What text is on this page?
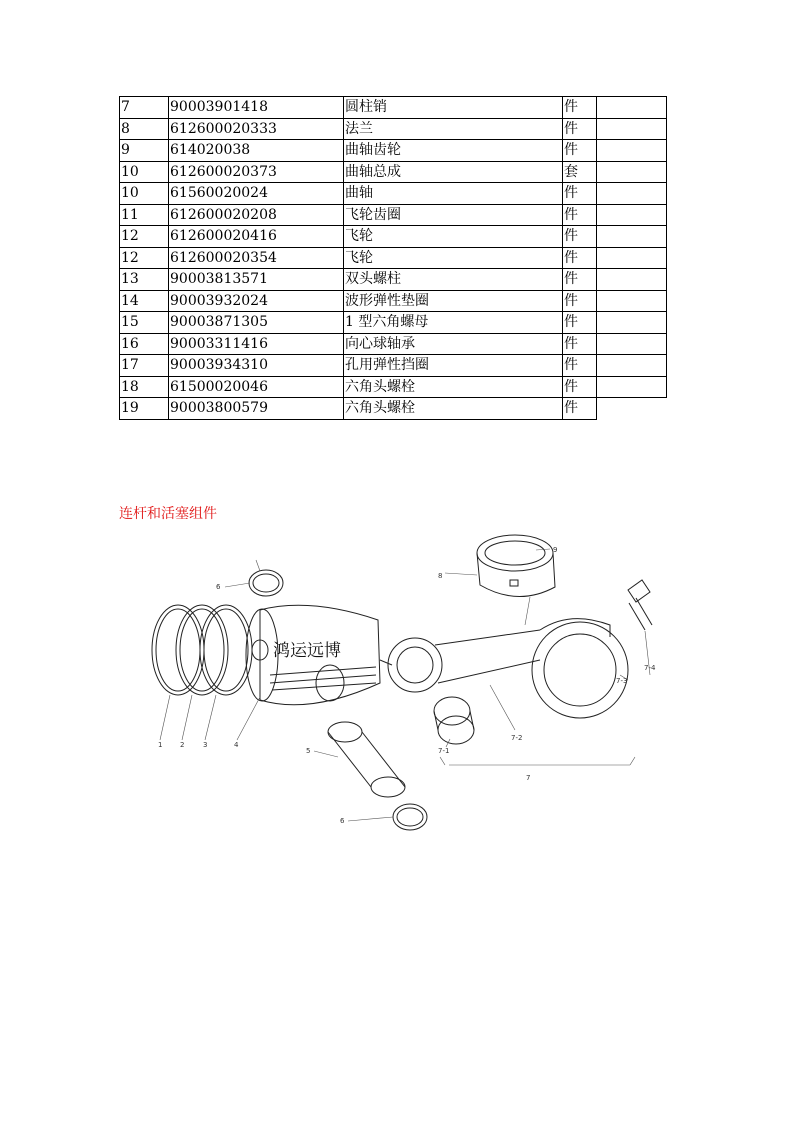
7	90003901418	圆柱销	件	
8	612600020333	法兰	件	
9	614020038	曲轴齿轮	件	
10	612600020373	曲轴总成	套	
10	61560020024	曲轴	件	
11	612600020208	飞轮齿圈	件	
12	612600020416	飞轮	件	
12	612600020354	飞轮	件	
13	90003813571	双头螺柱	件	
14	90003932024	波形弹性垫圈	件	
15	90003871305	1 型六角螺母	件	
16	90003311416	向心球轴承	件	
17	90003934310	孔用弹性挡圈	件	
18	61500020046	六角头螺栓	件	
19	90003800579	六角头螺栓	件	
连杆和活塞组件
鸿运远博
1	2	3	4
5
6
6
7
7-1
7-2
7-3
7-4
8
9
